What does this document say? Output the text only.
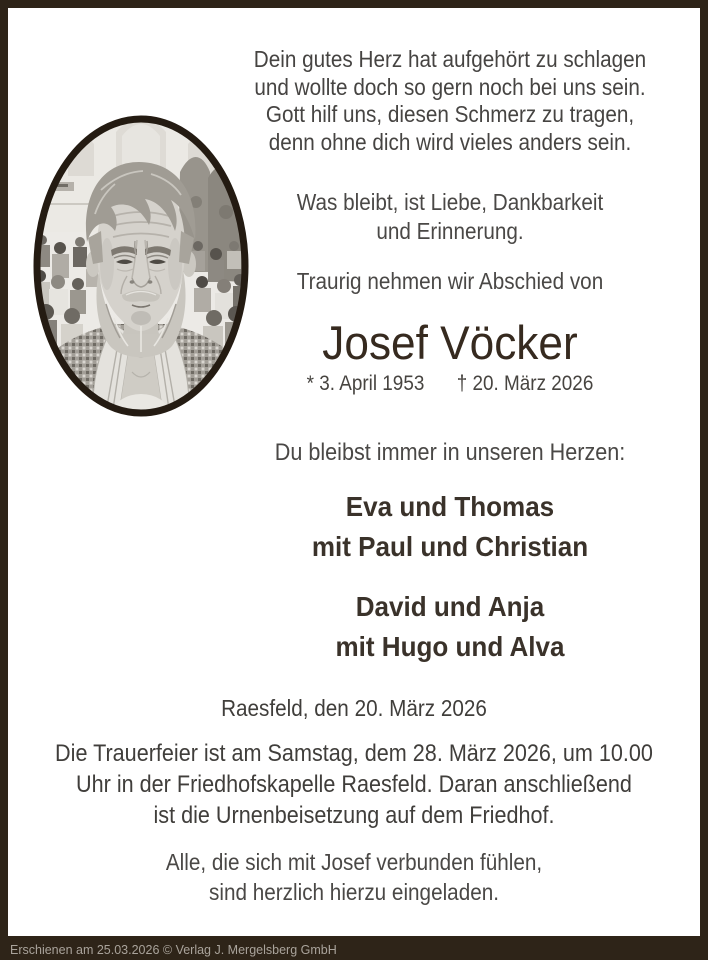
Dein gutes Herz hat aufgehört zu schlagen
und wollte doch so gern noch bei uns sein.
Gott hilf uns, diesen Schmerz zu tragen,
denn ohne dich wird vieles anders sein.
Was bleibt, ist Liebe, Dankbarkeit
und Erinnerung.
Traurig nehmen wir Abschied von
Josef Vöcker
* 3. April 1953 † 20. März 2026
Du bleibst immer in unseren Herzen:
Eva und Thomas
mit Paul und Christian
David und Anja
mit Hugo und Alva
Raesfeld, den 20. März 2026
Die Trauerfeier ist am Samstag, dem 28. März 2026, um 10.00
Uhr in der Friedhofskapelle Raesfeld. Daran anschließend
ist die Urnenbeisetzung auf dem Friedhof.
Alle, die sich mit Josef verbunden fühlen,
sind herzlich hierzu eingeladen.
Erschienen am 25.03.2026 © Verlag J. Mergelsberg GmbH
